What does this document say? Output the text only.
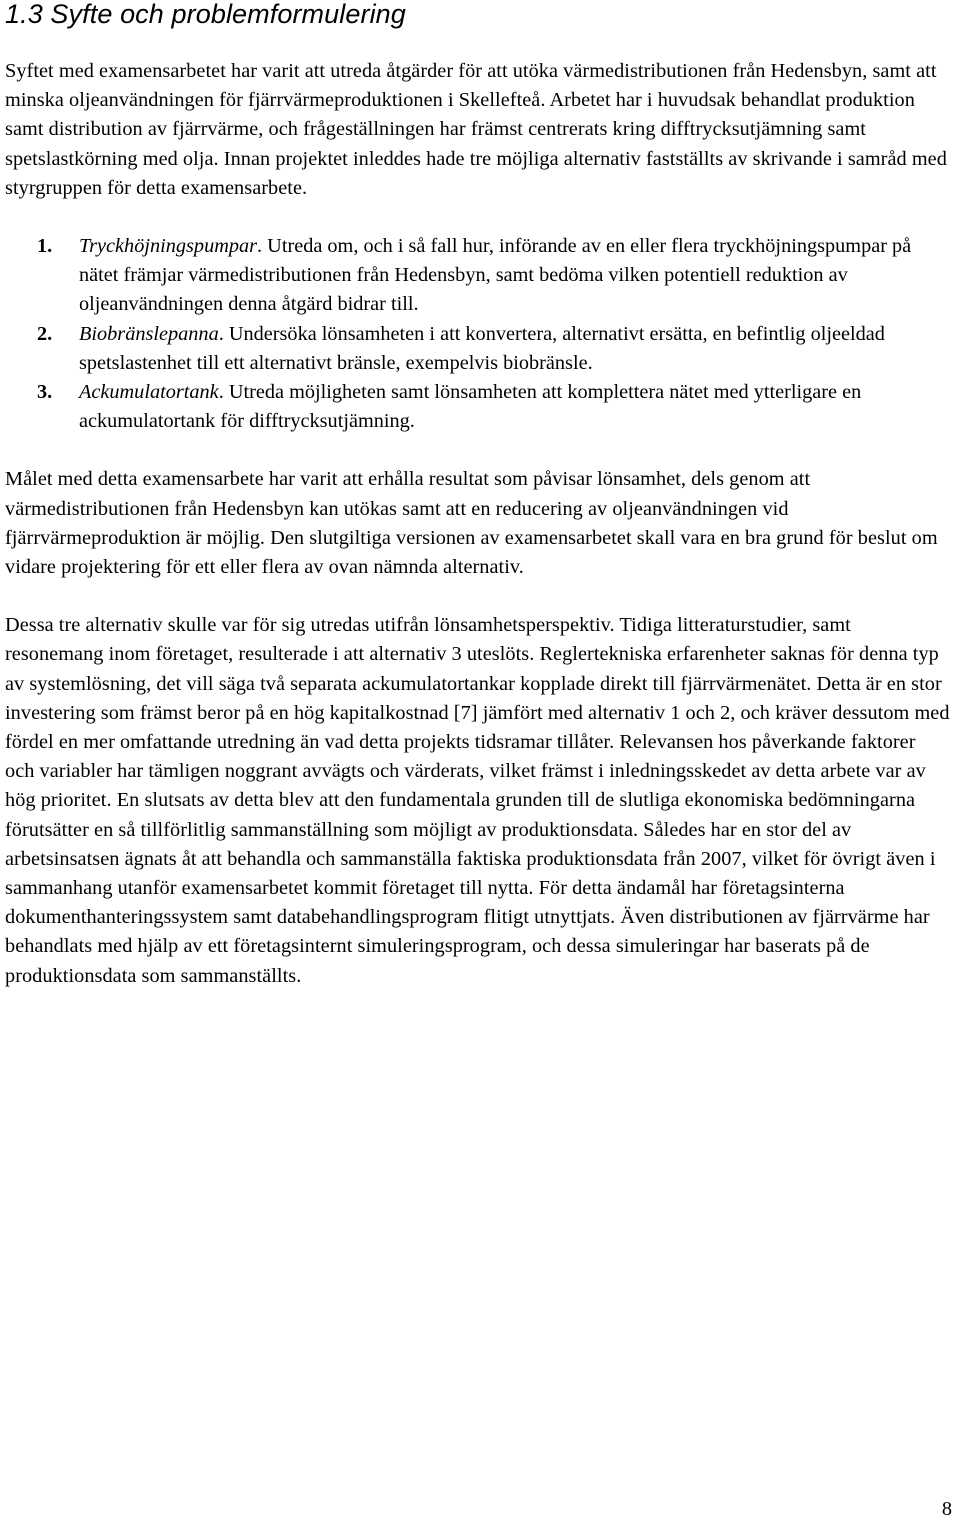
1.3 Syfte och problemformulering

Syftet med examensarbetet har varit att utreda åtgärder för att utöka värmedistributionen från Hedensbyn, samt att minska oljeanvändningen för fjärrvärmeproduktionen i Skellefteå. Arbetet har i huvudsak behandlat produktion samt distribution av fjärrvärme, och frågeställningen har främst centrerats kring difftrycksutjämning samt spetslastkörning med olja. Innan projektet inleddes hade tre möjliga alternativ fastställts av skrivande i samråd med styrgruppen för detta examensarbete.

1. Tryckhöjningspumpar. Utreda om, och i så fall hur, införande av en eller flera tryckhöjningspumpar på nätet främjar värmedistributionen från Hedensbyn, samt bedöma vilken potentiell reduktion av oljeanvändningen denna åtgärd bidrar till.
2. Biobränslepanna. Undersöka lönsamheten i att konvertera, alternativt ersätta, en befintlig oljeeldad spetslastenhet till ett alternativt bränsle, exempelvis biobränsle.
3. Ackumulatortank. Utreda möjligheten samt lönsamheten att komplettera nätet med ytterligare en ackumulatortank för difftrycksutjämning.

Målet med detta examensarbete har varit att erhålla resultat som påvisar lönsamhet, dels genom att värmedistributionen från Hedensbyn kan utökas samt att en reducering av oljeanvändningen vid fjärrvärmeproduktion är möjlig. Den slutgiltiga versionen av examensarbetet skall vara en bra grund för beslut om vidare projektering för ett eller flera av ovan nämnda alternativ.

Dessa tre alternativ skulle var för sig utredas utifrån lönsamhetsperspektiv. Tidiga litteraturstudier, samt resonemang inom företaget, resulterade i att alternativ 3 uteslöts. Reglertekniska erfarenheter saknas för denna typ av systemlösning, det vill säga två separata ackumulatortankar kopplade direkt till fjärrvärmenätet. Detta är en stor investering som främst beror på en hög kapitalkostnad [7] jämfört med alternativ 1 och 2, och kräver dessutom med fördel en mer omfattande utredning än vad detta projekts tidsramar tillåter. Relevansen hos påverkande faktorer och variabler har tämligen noggrant avvägts och värderats, vilket främst i inledningsskedet av detta arbete var av hög prioritet. En slutsats av detta blev att den fundamentala grunden till de slutliga ekonomiska bedömningarna förutsätter en så tillförlitlig sammanställning som möjligt av produktionsdata. Således har en stor del av arbetsinsatsen ägnats åt att behandla och sammanställa faktiska produktionsdata från 2007, vilket för övrigt även i sammanhang utanför examensarbetet kommit företaget till nytta. För detta ändamål har företagsinterna dokumenthanteringssystem samt databehandlingsprogram flitigt utnyttjats. Även distributionen av fjärrvärme har behandlats med hjälp av ett företagsinternt simuleringsprogram, och dessa simuleringar har baserats på de produktionsdata som sammanställts.

8
